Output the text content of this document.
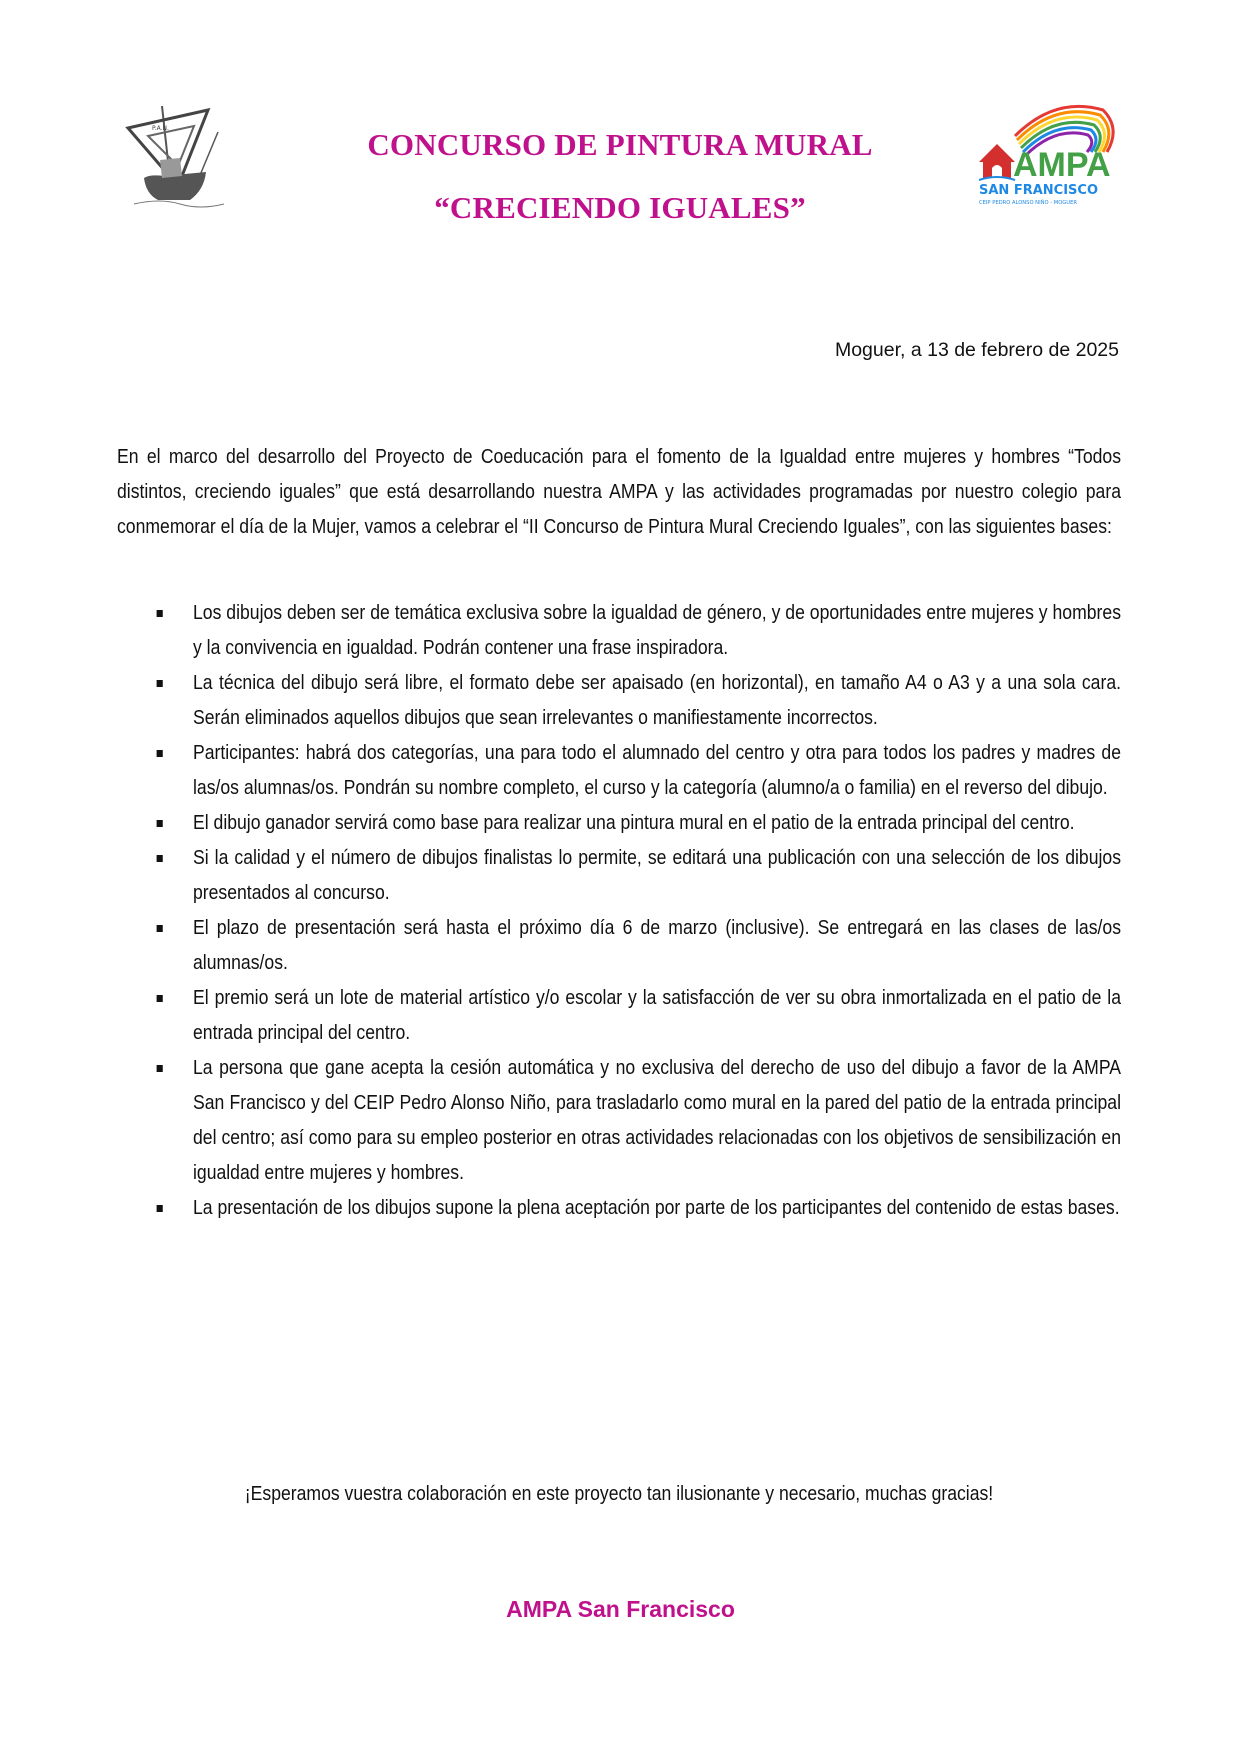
P.A.N.
AMPA
SAN FRANCISCO
CEIP PEDRO ALONSO NIÑO - MOGUER
CONCURSO DE PINTURA MURAL
“CRECIENDO IGUALES”
Moguer, a 13 de febrero de 2025
En el marco del desarrollo del Proyecto de Coeducación para el fomento de la Igualdad entre mujeres y hombres “Todos distintos, creciendo iguales” que está desarrollando nuestra AMPA y las actividades programadas por nuestro colegio para conmemorar el día de la Mujer, vamos a celebrar el “II Concurso de Pintura Mural Creciendo Iguales”, con las siguientes bases:
Los dibujos deben ser de temática exclusiva sobre la igualdad de género, y de oportunidades entre mujeres y hombres y la convivencia en igualdad. Podrán contener una frase inspiradora.
La técnica del dibujo será libre, el formato debe ser apaisado (en horizontal), en tamaño A4 o A3 y a una sola cara. Serán eliminados aquellos dibujos que sean irrelevantes o manifiestamente incorrectos.
Participantes: habrá dos categorías, una para todo el alumnado del centro y otra para todos los padres y madres de las/os alumnas/os. Pondrán su nombre completo, el curso y la categoría (alumno/a o familia) en el reverso del dibujo.
El dibujo ganador servirá como base para realizar una pintura mural en el patio de la entrada principal del centro.
Si la calidad y el número de dibujos finalistas lo permite, se editará una publicación con una selección de los dibujos presentados al concurso.
El plazo de presentación será hasta el próximo día 6 de marzo (inclusive). Se entregará en las clases de las/os alumnas/os.
El premio será un lote de material artístico y/o escolar y la satisfacción de ver su obra inmortalizada en el patio de la entrada principal del centro.
La persona que gane acepta la cesión automática y no exclusiva del derecho de uso del dibujo a favor de la AMPA San Francisco y del CEIP Pedro Alonso Niño, para trasladarlo como mural en la pared del patio de la entrada principal del centro; así como para su empleo posterior en otras actividades relacionadas con los objetivos de sensibilización en igualdad entre mujeres y hombres.
La presentación de los dibujos supone la plena aceptación por parte de los participantes del contenido de estas bases.
¡Esperamos vuestra colaboración en este proyecto tan ilusionante y necesario, muchas gracias!
AMPA San Francisco
